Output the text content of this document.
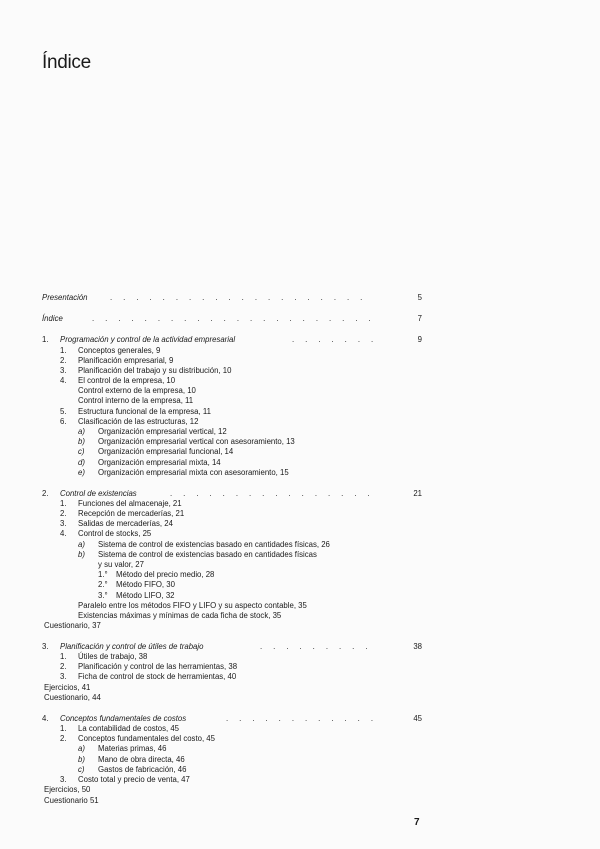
Índice
Presentación	....................	5
Índice	......................	7
1. Programación y control de la actividad empresarial	.......	9
1. Conceptos generales, 9
2. Planificación empresarial, 9
3. Planificación del trabajo y su distribución, 10
4. El control de la empresa, 10
Control externo de la empresa, 10
Control interno de la empresa, 11
5. Estructura funcional de la empresa, 11
6. Clasificación de las estructuras, 12
a) Organización empresarial vertical, 12
b) Organización empresarial vertical con asesoramiento, 13
c) Organización empresarial funcional, 14
d) Organización empresarial mixta, 14
e) Organización empresarial mixta con asesoramiento, 15
2. Control de existencias	................	21
1. Funciones del almacenaje, 21
2. Recepción de mercaderías, 21
3. Salidas de mercaderías, 24
4. Control de stocks, 25
a) Sistema de control de existencias basado en cantidades físicas, 26
b) Sistema de control de existencias basado en cantidades físicas
y su valor, 27
1.° Método del precio medio, 28
2.° Método FIFO, 30
3.° Método LIFO, 32
Paralelo entre los métodos FIFO y LIFO y su aspecto contable, 35
Existencias máximas y mínimas de cada ficha de stock, 35
Cuestionario, 37
3. Planificación y control de útiles de trabajo	.........	38
1. Útiles de trabajo, 38
2. Planificación y control de las herramientas, 38
3. Ficha de control de stock de herramientas, 40
Ejercicios, 41
Cuestionario, 44
4. Conceptos fundamentales de costos	............	45
1. La contabilidad de costos, 45
2. Conceptos fundamentales del costo, 45
a) Materias primas, 46
b) Mano de obra directa, 46
c) Gastos de fabricación, 46
3. Costo total y precio de venta, 47
Ejercicios, 50
Cuestionario 51
7
